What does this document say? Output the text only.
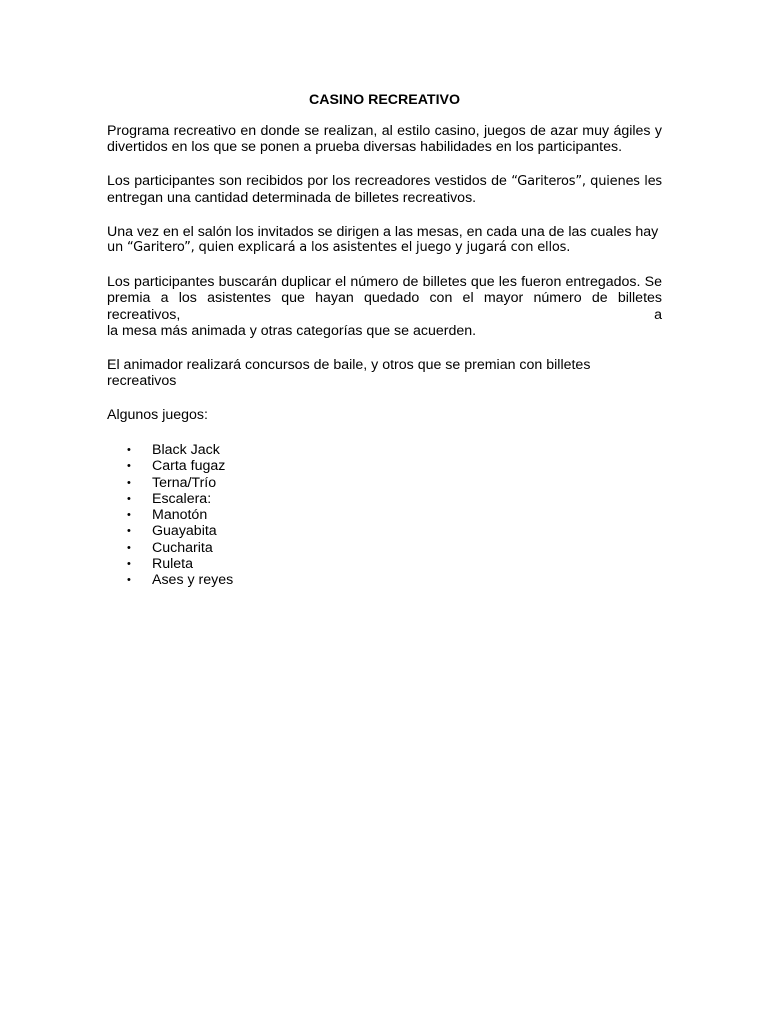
CASINO RECREATIVO
Programa recreativo en donde se realizan, al estilo casino, juegos de azar muy ágiles y
divertidos en los que se ponen a prueba diversas habilidades en los participantes.
Los participantes son recibidos por los recreadores vestidos de “Gariteros”, quienes les
entregan una cantidad determinada de billetes recreativos.
Una vez en el salón los invitados se dirigen a las mesas, en cada una de las cuales hay
un “Garitero”, quien explicará a los asistentes el juego y jugará con ellos.
Los participantes buscarán duplicar el número de billetes que les fueron entregados. Se
premia a los asistentes que hayan quedado con el mayor número de billetes recreativos, a
la mesa más animada y otras categorías que se acuerden.
El animador realizará concursos de baile, y otros que se premian con billetes recreativos
Algunos juegos:
• Black Jack
• Carta fugaz
• Terna/Trío
• Escalera:
• Manotón
• Guayabita
• Cucharita
• Ruleta
• Ases y reyes
